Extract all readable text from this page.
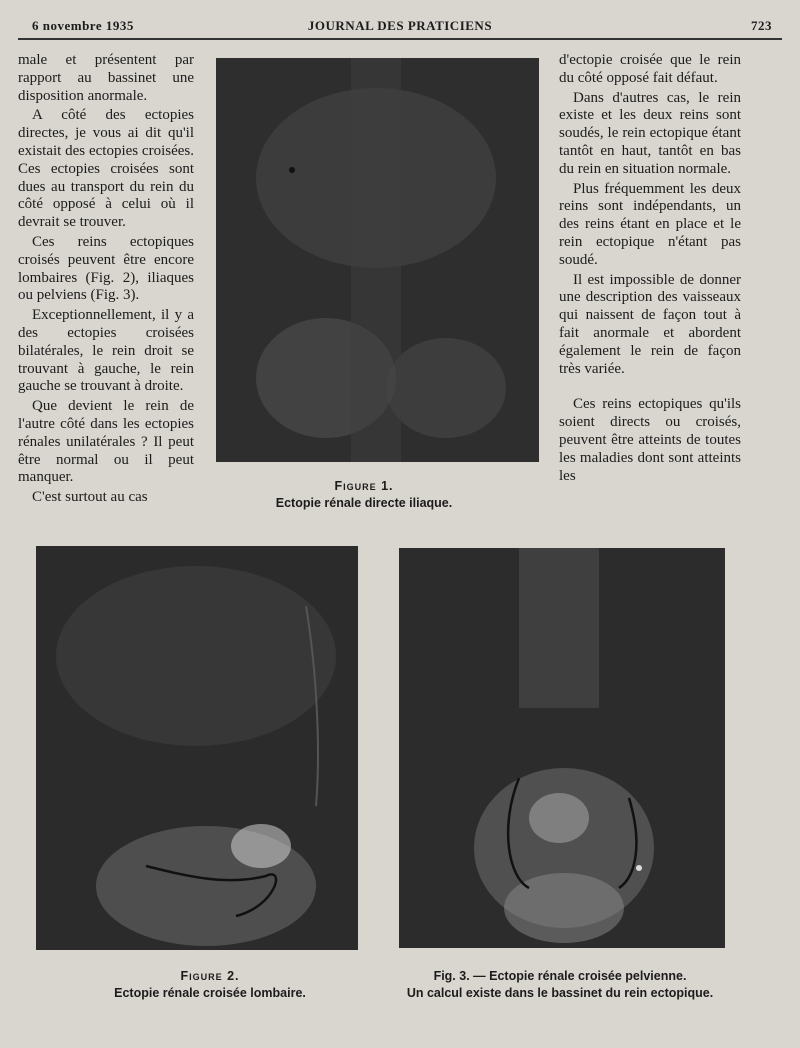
6 novembre 1935	JOURNAL DES PRATICIENS	723

male et présentent par rapport au bassinet une disposition anormale.

A côté des ectopies directes, je vous ai dit qu'il existait des ectopies croisées. Ces ectopies croisées sont dues au transport du rein du côté opposé à celui où il devrait se trouver.

Ces reins ectopiques croisés peuvent être encore lombaires (Fig. 2), iliaques ou pelviens (Fig. 3).

Exceptionnellement, il y a des ectopies croisées bilatérales, le rein droit se trouvant à gauche, le rein gauche se trouvant à droite.

Que devient le rein de l'autre côté dans les ectopies rénales unilatérales ? Il peut être normal ou il peut manquer.

C'est surtout au cas

d'ectopie croisée que le rein du côté opposé fait défaut.

Dans d'autres cas, le rein existe et les deux reins sont soudés, le rein ectopique étant tantôt en haut, tantôt en bas du rein en situation normale.

Plus fréquemment les deux reins sont indépendants, un des reins étant en place et le rein ectopique n'étant pas soudé.

Il est impossible de donner une description des vaisseaux qui naissent de façon tout à fait anormale et abordent également le rein de façon très variée.

Ces reins ectopiques qu'ils soient directs ou croisés, peuvent être atteints de toutes les maladies dont sont atteints les

Figure 1.
Ectopie rénale directe iliaque.
Figure 2.
Ectopie rénale croisée lombaire.
Fig. 3. — Ectopie rénale croisée pelvienne.
Un calcul existe dans le bassinet du rein ectopique.
